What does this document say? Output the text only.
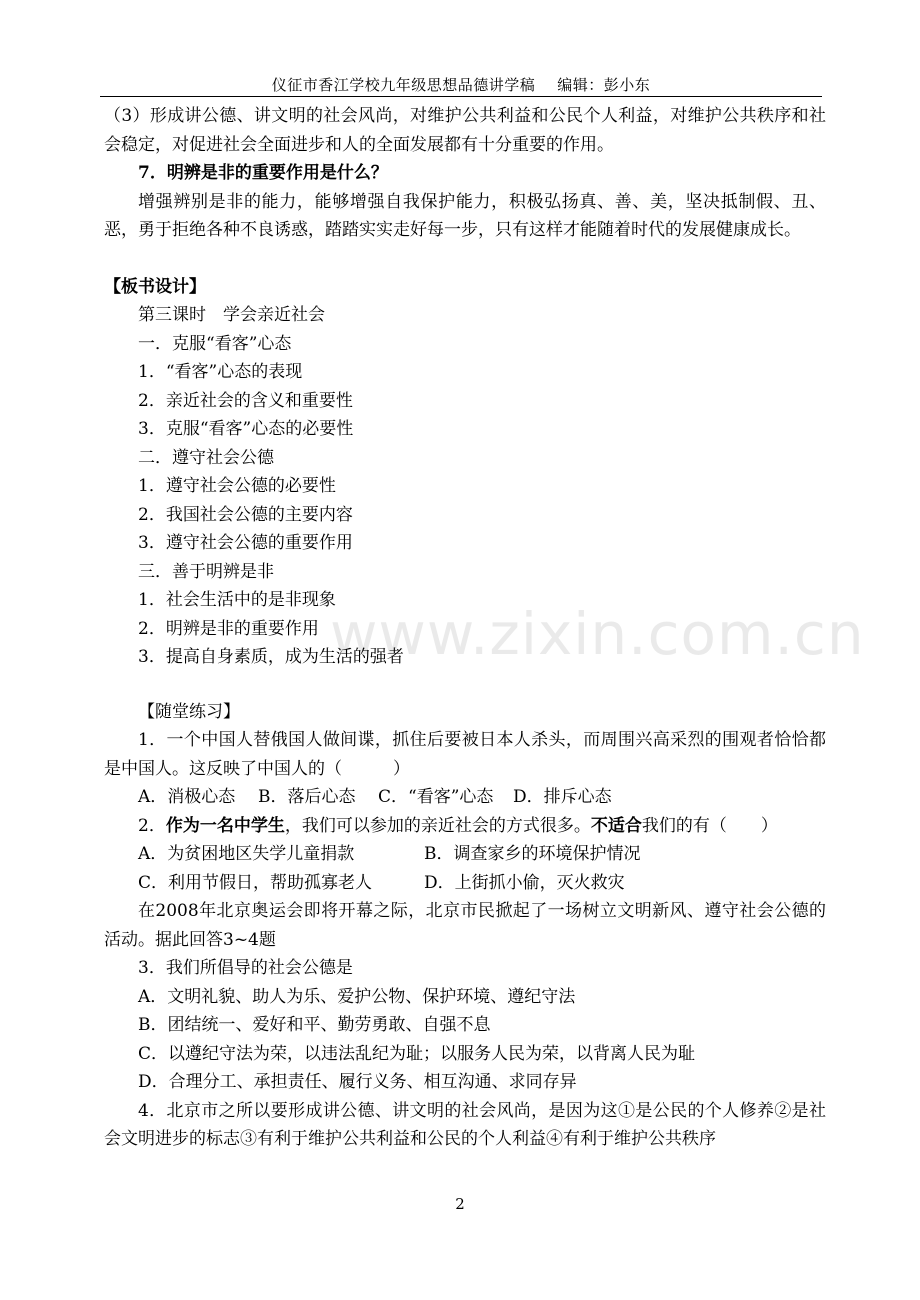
仪征市香江学校九年级思想品德讲学稿 编辑：彭小东
www.zixin.com.cn

（3）形成讲公德、讲文明的社会风尚，对维护公共利益和公民个人利益，对维护公共秩序和社会稳定，对促进社会全面进步和人的全面发展都有十分重要的作用。

7．明辨是非的重要作用是什么？

增强辨别是非的能力，能够增强自我保护能力，积极弘扬真、善、美，坚决抵制假、丑、恶，勇于拒绝各种不良诱惑，踏踏实实走好每一步，只有这样才能随着时代的发展健康成长。

【板书设计】

第三课时　学会亲近社会

一．克服“看客”心态

1．“看客”心态的表现

2．亲近社会的含义和重要性

3．克服“看客”心态的必要性

二．遵守社会公德

1．遵守社会公德的必要性

2．我国社会公德的主要内容

3．遵守社会公德的重要作用

三．善于明辨是非

1．社会生活中的是非现象

2．明辨是非的重要作用

3．提高自身素质，成为生活的强者

【随堂练习】

1．一个中国人替俄国人做间谍，抓住后要被日本人杀头，而周围兴高采烈的围观者恰恰都是中国人。这反映了中国人的（　　　）

A．消极心态 B．落后心态 C．“看客”心态 D．排斥心态

2．作为一名中学生，我们可以参加的亲近社会的方式很多。不适合我们的有（　　）

A．为贫困地区失学儿童捐款	B．调查家乡的环境保护情况
C．利用节假日，帮助孤寡老人	D．上街抓小偷，灭火救灾

在2008年北京奥运会即将开幕之际，北京市民掀起了一场树立文明新风、遵守社会公德的活动。据此回答3~4题

3．我们所倡导的社会公德是

A．文明礼貌、助人为乐、爱护公物、保护环境、遵纪守法

B．团结统一、爱好和平、勤劳勇敢、自强不息

C．以遵纪守法为荣，以违法乱纪为耻；以服务人民为荣，以背离人民为耻

D．合理分工、承担责任、履行义务、相互沟通、求同存异

4．北京市之所以要形成讲公德、讲文明的社会风尚，是因为这①是公民的个人修养②是社会文明进步的标志③有利于维护公共利益和公民的个人利益④有利于维护公共秩序

2
